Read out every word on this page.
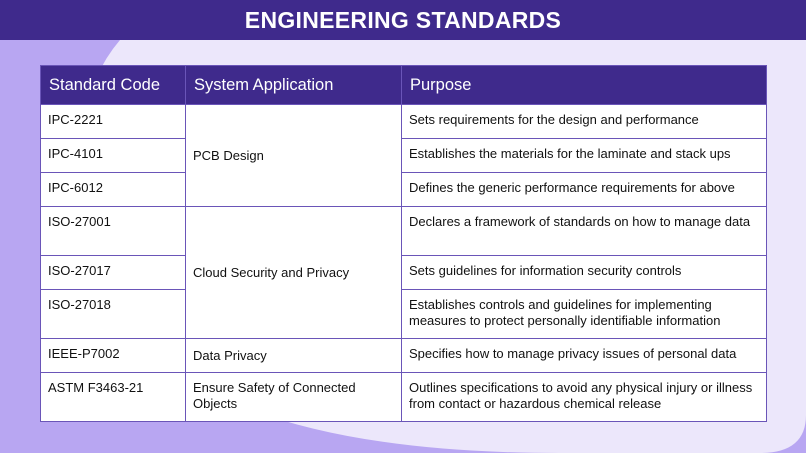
ENGINEERING STANDARDS
Standard Code	System Application	Purpose
IPC-2221	PCB Design	Sets requirements for the design and performance
IPC-4101		Establishes the materials for the laminate and stack ups
IPC-6012		Defines the generic performance requirements for above
ISO-27001	Cloud Security and Privacy	Declares a framework of standards on how to manage data
ISO-27017		Sets guidelines for information security controls
ISO-27018		Establishes controls and guidelines for implementing measures to protect personally identifiable information
IEEE-P7002	Data Privacy	Specifies how to manage privacy issues of personal data
ASTM F3463-21	Ensure Safety of Connected Objects	Outlines specifications to avoid any physical injury or illness from contact or hazardous chemical release
